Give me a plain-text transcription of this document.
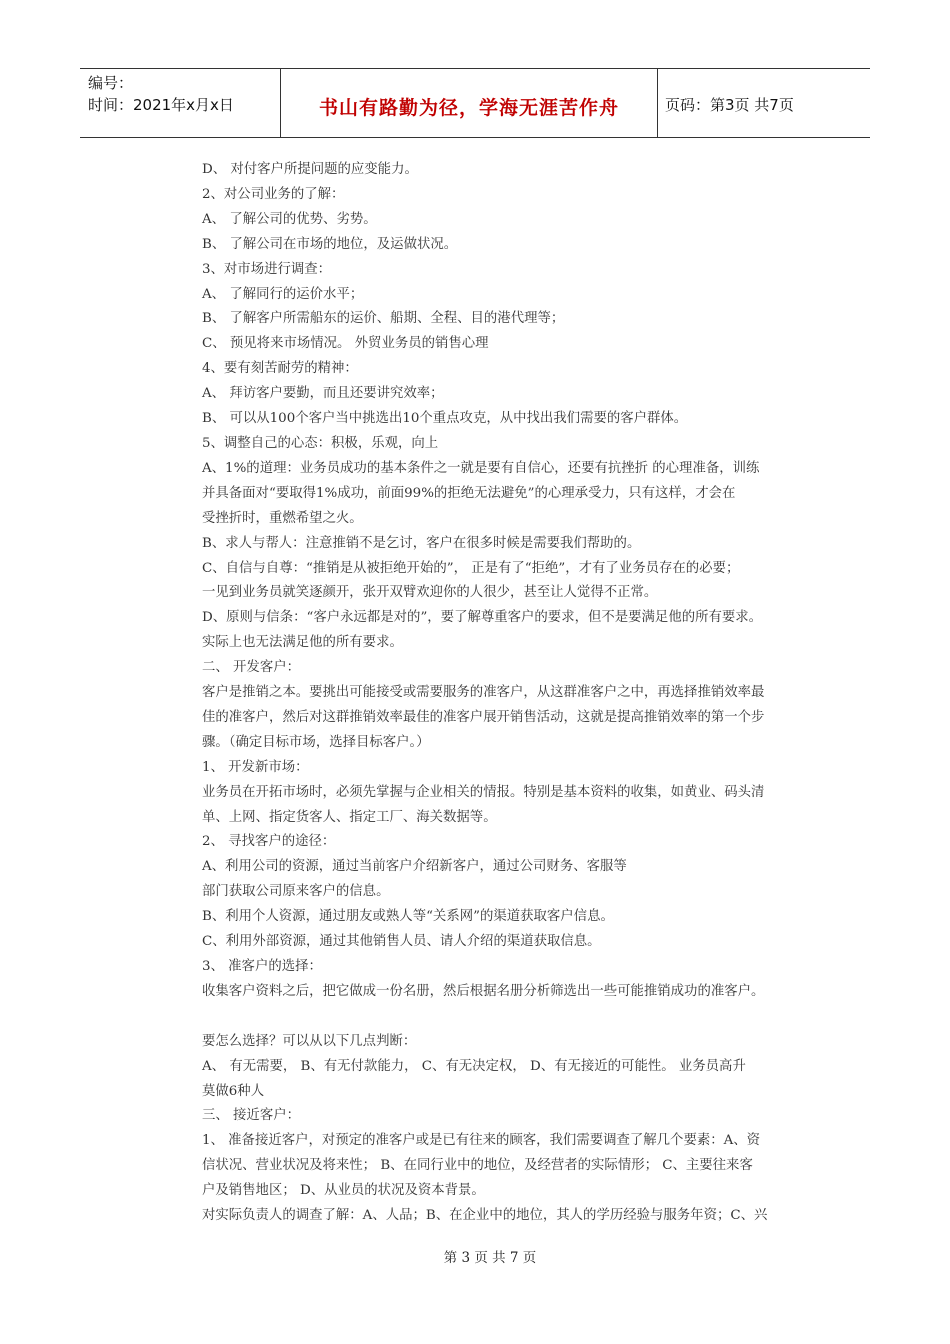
编号：
时间：2021年x月x日	书山有路勤为径，学海无涯苦作舟	页码：第3页 共7页

D、 对付客户所提问题的应变能力。

2、对公司业务的了解：

A、 了解公司的优势、劣势。

B、 了解公司在市场的地位，及运做状况。

3、对市场进行调查：

A、 了解同行的运价水平；

B、 了解客户所需船东的运价、船期、全程、目的港代理等；

C、 预见将来市场情况。 外贸业务员的销售心理

4、要有刻苦耐劳的精神：

A、 拜访客户要勤，而且还要讲究效率；

B、 可以从100个客户当中挑选出10个重点攻克，从中找出我们需要的客户群体。

5、调整自己的心态：积极，乐观，向上

A、1%的道理：业务员成功的基本条件之一就是要有自信心，还要有抗挫折 的心理准备，训练

并具备面对“要取得1%成功，前面99%的拒绝无法避免”的心理承受力，只有这样，才会在

受挫折时，重燃希望之火。

B、求人与帮人：注意推销不是乞讨，客户在很多时候是需要我们帮助的。

C、自信与自尊：“推销是从被拒绝开始的”， 正是有了“拒绝”，才有了业务员存在的必要；

一见到业务员就笑逐颜开，张开双臂欢迎你的人很少，甚至让人觉得不正常。

D、原则与信条：“客户永远都是对的”，要了解尊重客户的要求，但不是要满足他的所有要求。

实际上也无法满足他的所有要求。

二、 开发客户：

客户是推销之本。要挑出可能接受或需要服务的准客户，从这群准客户之中，再选择推销效率最

佳的准客户，然后对这群推销效率最佳的准客户展开销售活动，这就是提高推销效率的第一个步

骤。（确定目标市场，选择目标客户。）

1、 开发新市场：

业务员在开拓市场时，必须先掌握与企业相关的情报。特别是基本资料的收集，如黄业、码头清

单、上网、指定货客人、指定工厂、海关数据等。

2、 寻找客户的途径：

A、利用公司的资源，通过当前客户介绍新客户，通过公司财务、客服等

部门获取公司原来客户的信息。

B、利用个人资源，通过朋友或熟人等“关系网”的渠道获取客户信息。

C、利用外部资源，通过其他销售人员、请人介绍的渠道获取信息。

3、 准客户的选择：

收集客户资料之后，把它做成一份名册，然后根据名册分析筛选出一些可能推销成功的准客户。

要怎么选择？可以从以下几点判断：

A、 有无需要， B、有无付款能力， C、有无决定权， D、有无接近的可能性。 业务员高升

莫做6种人

三、 接近客户：

1、 准备接近客户，对预定的准客户或是已有往来的顾客，我们需要调查了解几个要素：A、资

信状况、营业状况及将来性； B、在同行业中的地位，及经营者的实际情形； C、主要往来客

户及销售地区； D、从业员的状况及资本背景。

对实际负责人的调查了解：A、人品；B、在企业中的地位，其人的学历经验与服务年资；C、兴

第 3 页 共 7 页
